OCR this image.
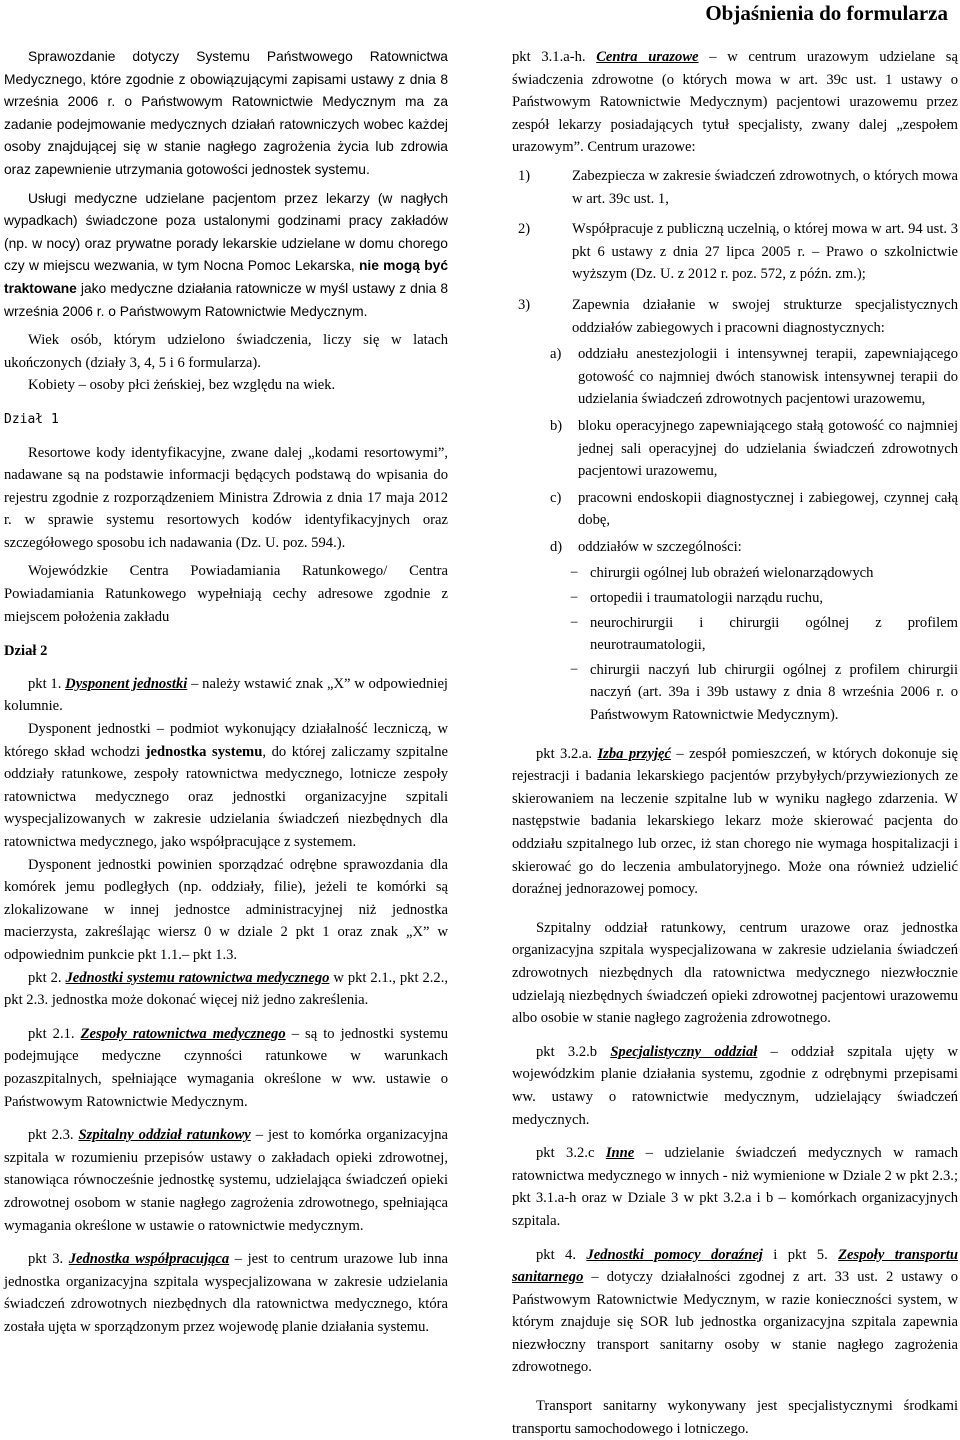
Objaśnienia do formularza

Sprawozdanie dotyczy Systemu Państwowego Ratownictwa Medycznego, które zgodnie z obowiązującymi zapisami ustawy z dnia 8 września 2006 r. o Państwowym Ratownictwie Medycznym ma za zadanie podejmowanie medycznych działań ratowniczych wobec każdej osoby znajdującej się w stanie nagłego zagrożenia życia lub zdrowia oraz zapewnienie utrzymania gotowości jednostek systemu.

Usługi medyczne udzielane pacjentom przez lekarzy (w nagłych wypadkach) świadczone poza ustalonymi godzinami pracy zakładów (np. w nocy) oraz prywatne porady lekarskie udzielane w domu chorego czy w miejscu wezwania, w tym Nocna Pomoc Lekarska, nie mogą być traktowane jako medyczne działania ratownicze w myśl ustawy z dnia 8 września 2006 r. o Państwowym Ratownictwie Medycznym.

Wiek osób, którym udzielono świadczenia, liczy się w latach ukończonych (działy 3, 4, 5 i 6 formularza).

Kobiety – osoby płci żeńskiej, bez względu na wiek.

Dział 1

Resortowe kody identyfikacyjne, zwane dalej „kodami resortowymi”, nadawane są na podstawie informacji będących podstawą do wpisania do rejestru zgodnie z rozporządzeniem Ministra Zdrowia z dnia 17 maja 2012 r. w sprawie systemu resortowych kodów identyfikacyjnych oraz szczegółowego sposobu ich nadawania (Dz. U. poz. 594.).

Wojewódzkie Centra Powiadamiania Ratunkowego/ Centra Powiadamiania Ratunkowego wypełniają cechy adresowe zgodnie z miejscem położenia zakładu

Dział 2

pkt 1. Dysponent jednostki – należy wstawić znak „X” w odpowiedniej kolumnie.

Dysponent jednostki – podmiot wykonujący działalność leczniczą, w którego skład wchodzi jednostka systemu, do której zaliczamy szpitalne oddziały ratunkowe, zespoły ratownictwa medycznego, lotnicze zespoły ratownictwa medycznego oraz jednostki organizacyjne szpitali wyspecjalizowanych w zakresie udzielania świadczeń niezbędnych dla ratownictwa medycznego, jako współpracujące z systemem.

Dysponent jednostki powinien sporządzać odrębne sprawozdania dla komórek jemu podległych (np. oddziały, filie), jeżeli te komórki są zlokalizowane w innej jednostce administracyjnej niż jednostka macierzysta, zakreślając wiersz 0 w dziale 2 pkt 1 oraz znak „X” w odpowiednim punkcie pkt 1.1.– pkt 1.3.

pkt 2. Jednostki systemu ratownictwa medycznego w pkt 2.1., pkt 2.2., pkt 2.3. jednostka może dokonać więcej niż jedno zakreślenia.

pkt 2.1. Zespoły ratownictwa medycznego – są to jednostki systemu podejmujące medyczne czynności ratunkowe w warunkach pozaszpitalnych, spełniające wymagania określone w ww. ustawie o Państwowym Ratownictwie Medycznym.

pkt 2.3. Szpitalny oddział ratunkowy – jest to komórka organizacyjna szpitala w rozumieniu przepisów ustawy o zakładach opieki zdrowotnej, stanowiąca równocześnie jednostkę systemu, udzielająca świadczeń opieki zdrowotnej osobom w stanie nagłego zagrożenia zdrowotnego, spełniająca wymagania określone w ustawie o ratownictwie medycznym.

pkt 3. Jednostka współpracująca – jest to centrum urazowe lub inna jednostka organizacyjna szpitala wyspecjalizowana w zakresie udzielania świadczeń zdrowotnych niezbędnych dla ratownictwa medycznego, która została ujęta w sporządzonym przez wojewodę planie działania systemu.

pkt 3.1.a-h. Centra urazowe – w centrum urazowym udzielane są świadczenia zdrowotne (o których mowa w art. 39c ust. 1 ustawy o Państwowym Ratownictwie Medycznym) pacjentowi urazowemu przez zespół lekarzy posiadających tytuł specjalisty, zwany dalej „zespołem urazowym”. Centrum urazowe:

1)	Zabezpiecza w zakresie świadczeń zdrowotnych, o których mowa w art. 39c ust. 1,
2)	Współpracuje z publiczną uczelnią, o której mowa w art. 94 ust. 3 pkt 6 ustawy z dnia 27 lipca 2005 r. – Prawo o szkolnictwie wyższym (Dz. U. z 2012 r. poz. 572, z późn. zm.);
3)	Zapewnia działanie w swojej strukturze specjalistycznych oddziałów zabiegowych i pracowni diagnostycznych:
a) oddziału anestezjologii i intensywnej terapii, zapewniającego gotowość co najmniej dwóch stanowisk intensywnej terapii do udzielania świadczeń zdrowotnych pacjentowi urazowemu,
b) bloku operacyjnego zapewniającego stałą gotowość co najmniej jednej sali operacyjnej do udzielania świadczeń zdrowotnych pacjentowi urazowemu,
c) pracowni endoskopii diagnostycznej i zabiegowej, czynnej całą dobę,
d) oddziałów w szczególności:
− chirurgii ogólnej lub obrażeń wielonarządowych
− ortopedii i traumatologii narządu ruchu,
− neurochirurgii i chirurgii ogólnej z profilem neurotraumatologii,
− chirurgii naczyń lub chirurgii ogólnej z profilem chirurgii naczyń (art. 39a i 39b ustawy z dnia 8 września 2006 r. o Państwowym Ratownictwie Medycznym).

pkt 3.2.a. Izba przyjęć – zespół pomieszczeń, w których dokonuje się rejestracji i badania lekarskiego pacjentów przybyłych/przywiezionych ze skierowaniem na leczenie szpitalne lub w wyniku nagłego zdarzenia. W następstwie badania lekarskiego lekarz może skierować pacjenta do oddziału szpitalnego lub orzec, iż stan chorego nie wymaga hospitalizacji i skierować go do leczenia ambulatoryjnego. Może ona również udzielić doraźnej jednorazowej pomocy.

Szpitalny oddział ratunkowy, centrum urazowe oraz jednostka organizacyjna szpitala wyspecjalizowana w zakresie udzielania świadczeń zdrowotnych niezbędnych dla ratownictwa medycznego niezwłocznie udzielają niezbędnych świadczeń opieki zdrowotnej pacjentowi urazowemu albo osobie w stanie nagłego zagrożenia zdrowotnego.

pkt 3.2.b Specjalistyczny oddział – oddział szpitala ujęty w wojewódzkim planie działania systemu, zgodnie z odrębnymi przepisami ww. ustawy o ratownictwie medycznym, udzielający świadczeń medycznych.

pkt 3.2.c Inne – udzielanie świadczeń medycznych w ramach ratownictwa medycznego w innych - niż wymienione w Dziale 2 w pkt 2.3.; pkt 3.1.a-h oraz w Dziale 3 w pkt 3.2.a i b – komórkach organizacyjnych szpitala.

pkt 4. Jednostki pomocy doraźnej i pkt 5. Zespoły transportu sanitarnego – dotyczy działalności zgodnej z art. 33 ust. 2 ustawy o Państwowym Ratownictwie Medycznym, w razie konieczności system, w którym znajduje się SOR lub jednostka organizacyjna szpitala zapewnia niezwłoczny transport sanitarny osoby w stanie nagłego zagrożenia zdrowotnego.

Transport sanitarny wykonywany jest specjalistycznymi środkami transportu samochodowego i lotniczego.
